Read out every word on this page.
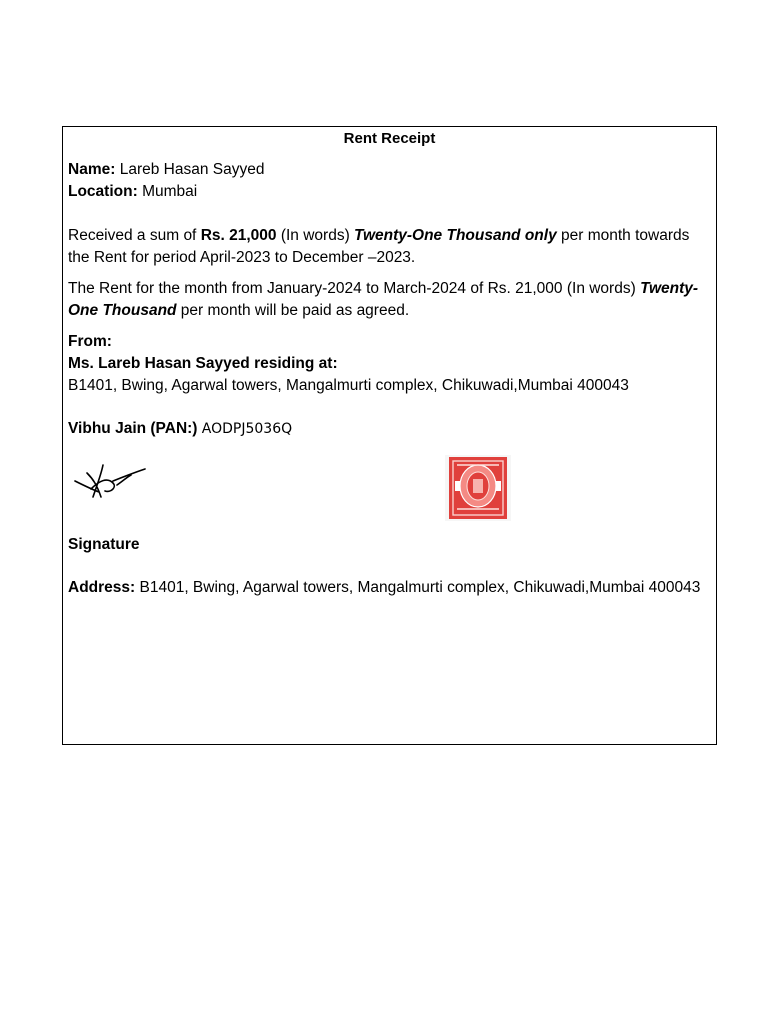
Rent Receipt
Name: Lareb Hasan Sayyed
Location: Mumbai
Received a sum of Rs. 21,000 (In words) Twenty-One Thousand only per month towards the Rent for period April-2023 to December –2023.
The Rent for the month from January-2024 to March-2024 of Rs. 21,000 (In words) Twenty-One Thousand per month will be paid as agreed.
From:
Ms. Lareb Hasan Sayyed residing at:
B1401, Bwing, Agarwal towers, Mangalmurti complex, Chikuwadi,Mumbai 400043
Vibhu Jain (PAN:) AODPJ5036Q
Signature
Address: B1401, Bwing, Agarwal towers, Mangalmurti complex, Chikuwadi,Mumbai 400043
